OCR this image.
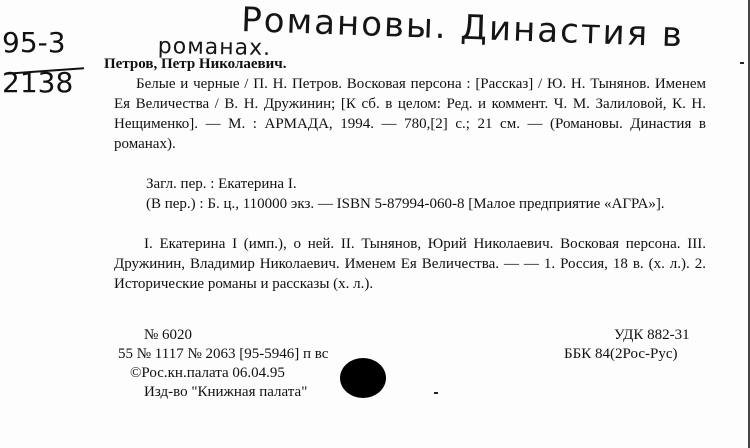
Романовы. Династия в
романах.
95-3
2138
Петров, Петр Николаевич.
Белые и черные / П. Н. Петров. Восковая персона : [Рассказ] / Ю. Н. Тынянов. Именем Ея Величества / В. Н. Дружинин; [К сб. в целом: Ред. и коммент. Ч. М. Залиловой, К. Н. Нещименко]. — М. : АРМАДА, 1994. — 780,[2] с.; 21 см. — (Романовы. Династия в романах).
Загл. пер. : Екатерина I.
(В пер.) : Б. ц., 110000 экз. — ISBN 5-87994-060-8 [Малое предприятие «АГРА»].
I. Екатерина I (имп.), о ней. II. Тынянов, Юрий Николаевич. Восковая персона. III. Дружинин, Владимир Николаевич. Именем Ея Величества. — — 1. Россия, 18 в. (х. л.). 2. Исторические романы и рассказы (х. л.).
№ 6020
55 № 1117 № 2063 [95-5946] п вс
©Рос.кн.палата 06.04.95
Изд-во "Книжная палата"
УДК 882-31
ББК 84(2Рос-Рус)
